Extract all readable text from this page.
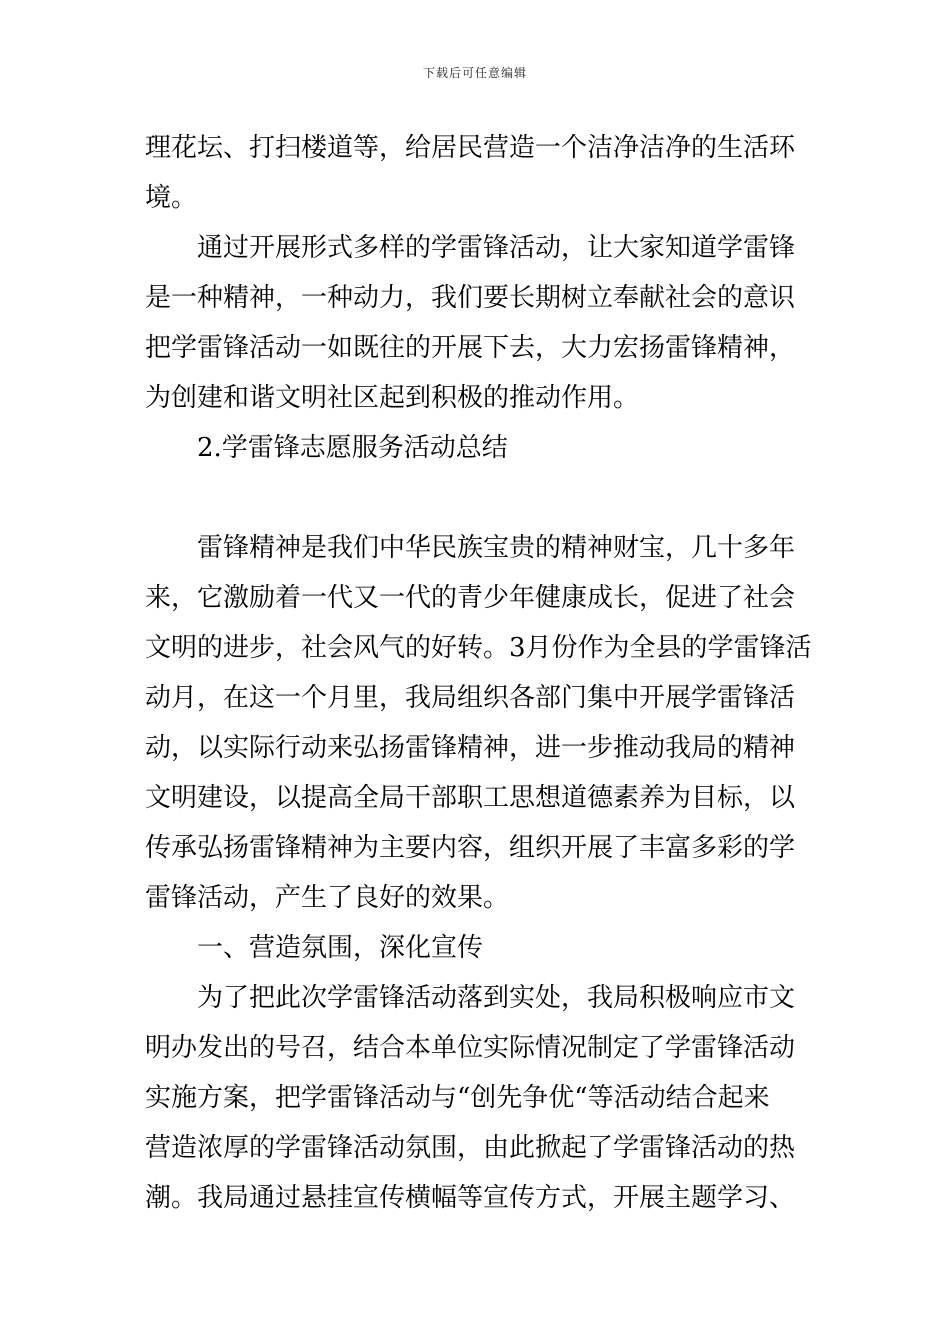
下载后可任意编辑
理花坛、打扫楼道等，给居民营造一个洁净洁净的生活环
境。
通过开展形式多样的学雷锋活动，让大家知道学雷锋
是一种精神，一种动力，我们要长期树立奉献社会的意识
把学雷锋活动一如既往的开展下去，大力宏扬雷锋精神，
为创建和谐文明社区起到积极的推动作用。
2.学雷锋志愿服务活动总结
雷锋精神是我们中华民族宝贵的精神财宝，几十多年
来，它激励着一代又一代的青少年健康成长，促进了社会
文明的进步，社会风气的好转。3月份作为全县的学雷锋活
动月，在这一个月里，我局组织各部门集中开展学雷锋活
动，以实际行动来弘扬雷锋精神，进一步推动我局的精神
文明建设，以提高全局干部职工思想道德素养为目标，以
传承弘扬雷锋精神为主要内容，组织开展了丰富多彩的学
雷锋活动，产生了良好的效果。
一、营造氛围，深化宣传
为了把此次学雷锋活动落到实处，我局积极响应市文
明办发出的号召，结合本单位实际情况制定了学雷锋活动
实施方案，把学雷锋活动与“创先争优“等活动结合起来
营造浓厚的学雷锋活动氛围，由此掀起了学雷锋活动的热
潮。我局通过悬挂宣传横幅等宣传方式，开展主题学习、
